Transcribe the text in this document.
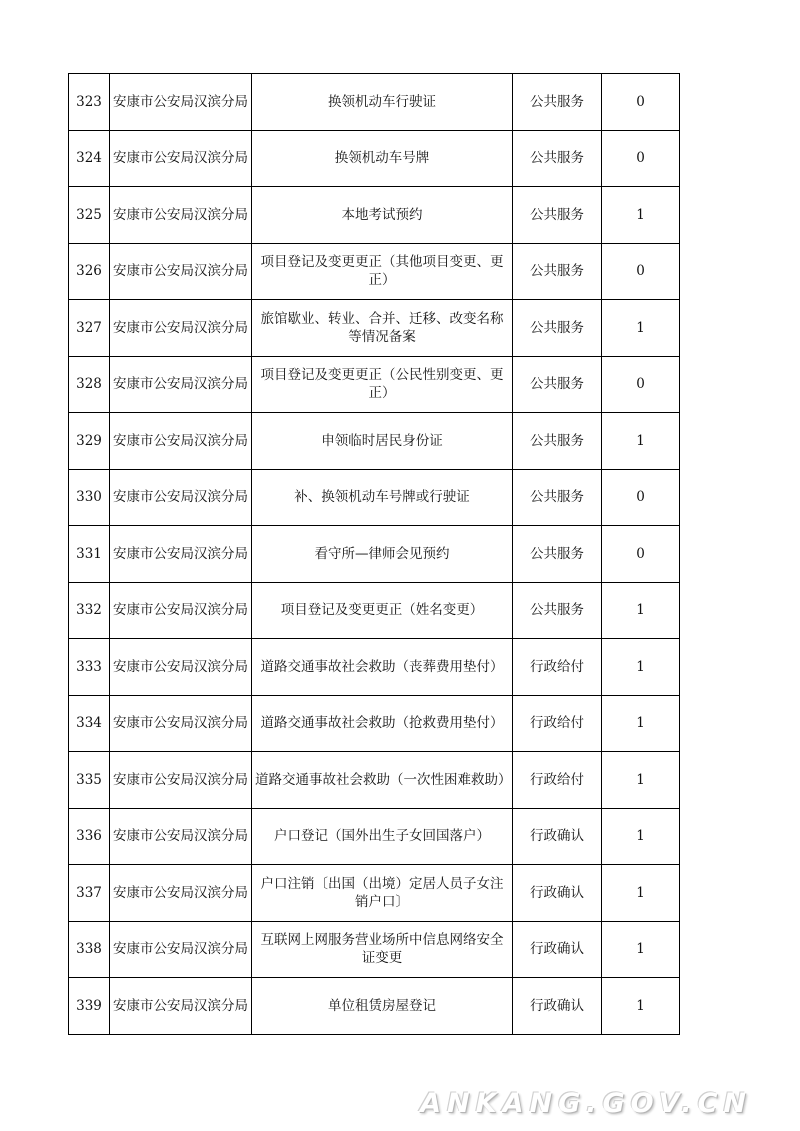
323	安康市公安局汉滨分局	换领机动车行驶证	公共服务	0
324	安康市公安局汉滨分局	换领机动车号牌	公共服务	0
325	安康市公安局汉滨分局	本地考试预约	公共服务	1
326	安康市公安局汉滨分局	项目登记及变更更正（其他项目变更、更正）	公共服务	0
327	安康市公安局汉滨分局	旅馆歇业、转业、合并、迁移、改变名称等情况备案	公共服务	1
328	安康市公安局汉滨分局	项目登记及变更更正（公民性别变更、更正）	公共服务	0
329	安康市公安局汉滨分局	申领临时居民身份证	公共服务	1
330	安康市公安局汉滨分局	补、换领机动车号牌或行驶证	公共服务	0
331	安康市公安局汉滨分局	看守所—律师会见预约	公共服务	0
332	安康市公安局汉滨分局	项目登记及变更更正（姓名变更）	公共服务	1
333	安康市公安局汉滨分局	道路交通事故社会救助（丧葬费用垫付）	行政给付	1
334	安康市公安局汉滨分局	道路交通事故社会救助（抢救费用垫付）	行政给付	1
335	安康市公安局汉滨分局	道路交通事故社会救助（一次性困难救助）	行政给付	1
336	安康市公安局汉滨分局	户口登记（国外出生子女回国落户）	行政确认	1
337	安康市公安局汉滨分局	户口注销〔出国（出境）定居人员子女注销户口〕	行政确认	1
338	安康市公安局汉滨分局	互联网上网服务营业场所中信息网络安全证变更	行政确认	1
339	安康市公安局汉滨分局	单位租赁房屋登记	行政确认	1
ANKANG.GOV.CN
